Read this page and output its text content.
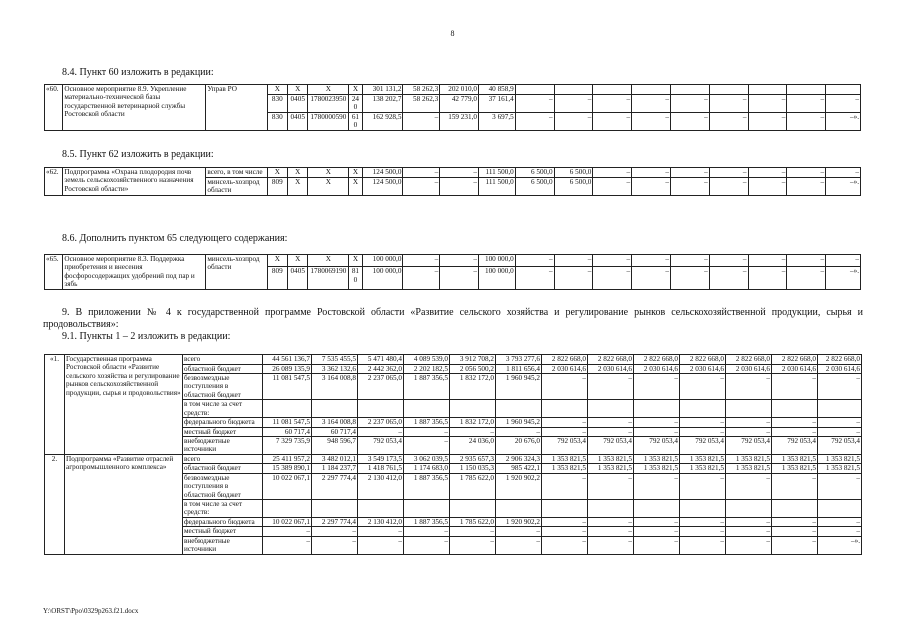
8
8.4. Пункт 60 изложить в редакции:
«60.	Основное мероприятие 8.9. Укрепление материально-технической базы государственной ветеринарной службы Ростовской области	Управ РО	Х	Х	Х	Х	301 131,2	58 262,3	202 010,0	40 858,9									
			830	0405	1780023950	240	138 202,7	58 262,3	42 779,0	37 161,4	–	–	–	–	–	–	–	–	–
			830	0405	1780000590	610	162 928,5	–	159 231,0	3 697,5	–	–	–	–	–	–	–	–	–».
8.5. Пункт 62 изложить в редакции:
«62.	Подпрограмма «Охрана плодородия почв земель сельскохозяйственного назначения Ростовской области»	всего, в том числе	Х	Х	Х	Х	124 500,0	–	–	111 500,0	6 500,0	6 500,0	–	–	–	–	–	–	–
		минсель-хозпрод области	809	Х	Х	Х	124 500,0	–	–	111 500,0	6 500,0	6 500,0	–	–	–	–	–	–	–».
8.6. Дополнить пунктом 65 следующего содержания:
«65.	Основное мероприятие 8.3. Поддержка приобретения и внесения фосфоросодержащих удобрений под пар и зябь	минсель-хозпрод области	Х	Х	Х	Х	100 000,0	–	–	100 000,0	–	–	–	–	–	–	–	–	–
			809	0405	1780069190	810	100 000,0	–	–	100 000,0	–	–	–	–	–	–	–	–	–».
9. В приложении № 4 к государственной программе Ростовской области «Развитие сельского хозяйства и регулирование рынков сельскохозяйственной продукции, сырья и продовольствия»:
9.1. Пункты 1 – 2 изложить в редакции:
«1.	Государственная программа Ростовской области «Развитие сельского хозяйства и регулирование рынков сельскохозяйственной продукции, сырья и продовольствия»	всего	44 561 136,7	7 535 455,5	5 471 480,4	4 089 539,0	3 912 708,2	3 793 277,6	2 822 668,0	2 822 668,0	2 822 668,0	2 822 668,0	2 822 668,0	2 822 668,0	2 822 668,0
		областной бюджет	26 089 135,9	3 362 132,6	2 442 362,0	2 202 182,5	2 056 500,2	1 811 656,4	2 030 614,6	2 030 614,6	2 030 614,6	2 030 614,6	2 030 614,6	2 030 614,6	2 030 614,6
		безвозмездные поступления в областной бюджет	11 081 547,5	3 164 008,8	2 237 065,0	1 887 356,5	1 832 172,0	1 960 945,2	–	–	–	–	–	–	–
		в том числе за счет средств:													
		федерального бюджета	11 081 547,5	3 164 008,8	2 237 065,0	1 887 356,5	1 832 172,0	1 960 945,2	–	–	–	–	–	–	–
		местный бюджет	60 717,4	60 717,4	–	–	–	–	–	–	–	–	–	–	–
		внебюджетные источники	7 329 735,9	948 596,7	792 053,4	–	24 036,0	20 676,0	792 053,4	792 053,4	792 053,4	792 053,4	792 053,4	792 053,4	792 053,4
2.	Подпрограмма «Развитие отраслей агропромышленного комплекса»	всего	25 411 957,2	3 482 012,1	3 549 173,5	3 062 039,5	2 935 657,3	2 906 324,3	1 353 821,5	1 353 821,5	1 353 821,5	1 353 821,5	1 353 821,5	1 353 821,5	1 353 821,5
		областной бюджет	15 389 890,1	1 184 237,7	1 418 761,5	1 174 683,0	1 150 035,3	985 422,1	1 353 821,5	1 353 821,5	1 353 821,5	1 353 821,5	1 353 821,5	1 353 821,5	1 353 821,5
		безвозмездные поступления в областной бюджет	10 022 067,1	2 297 774,4	2 130 412,0	1 887 356,5	1 785 622,0	1 920 902,2	–	–	–	–	–	–	–
		в том числе за счет средств:													
		федерального бюджета	10 022 067,1	2 297 774,4	2 130 412,0	1 887 356,5	1 785 622,0	1 920 902,2	–	–	–	–	–	–	–
		местный бюджет	–	–	–	–	–	–	–	–	–	–	–	–	–
		внебюджетные источники	–	–	–	–	–	–	–	–	–	–	–	–	–».
Y:\ORST\Ppo\0329p263.f21.docx
